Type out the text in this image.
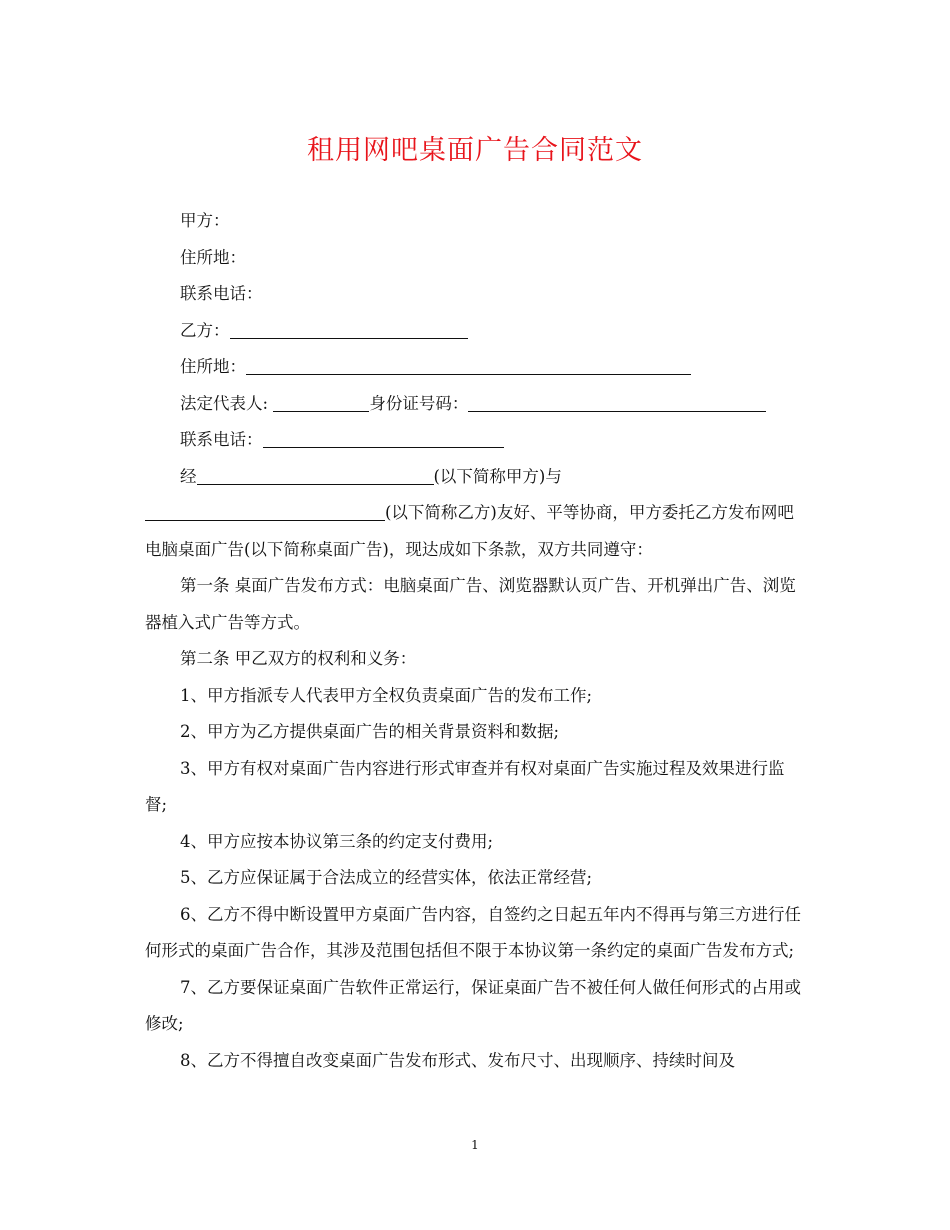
租用网吧桌面广告合同范文
甲方：
住所地：
联系电话：
乙方：
住所地：
法定代表人:	身份证号码：
联系电话：
经	(以下简称甲方)与
(以下简称乙方)友好、平等协商，甲方委托乙方发布网吧电脑桌面广告(以下简称桌面广告)，现达成如下条款，双方共同遵守：
第一条 桌面广告发布方式：电脑桌面广告、浏览器默认页广告、开机弹出广告、浏览器植入式广告等方式。
第二条 甲乙双方的权利和义务：
1、甲方指派专人代表甲方全权负责桌面广告的发布工作;
2、甲方为乙方提供桌面广告的相关背景资料和数据;
3、甲方有权对桌面广告内容进行形式审查并有权对桌面广告实施过程及效果进行监督;
4、甲方应按本协议第三条的约定支付费用;
5、乙方应保证属于合法成立的经营实体，依法正常经营;
6、乙方不得中断设置甲方桌面广告内容，自签约之日起五年内不得再与第三方进行任何形式的桌面广告合作，其涉及范围包括但不限于本协议第一条约定的桌面广告发布方式;
7、乙方要保证桌面广告软件正常运行，保证桌面广告不被任何人做任何形式的占用或修改;
8、乙方不得擅自改变桌面广告发布形式、发布尺寸、出现顺序、持续时间及
1
